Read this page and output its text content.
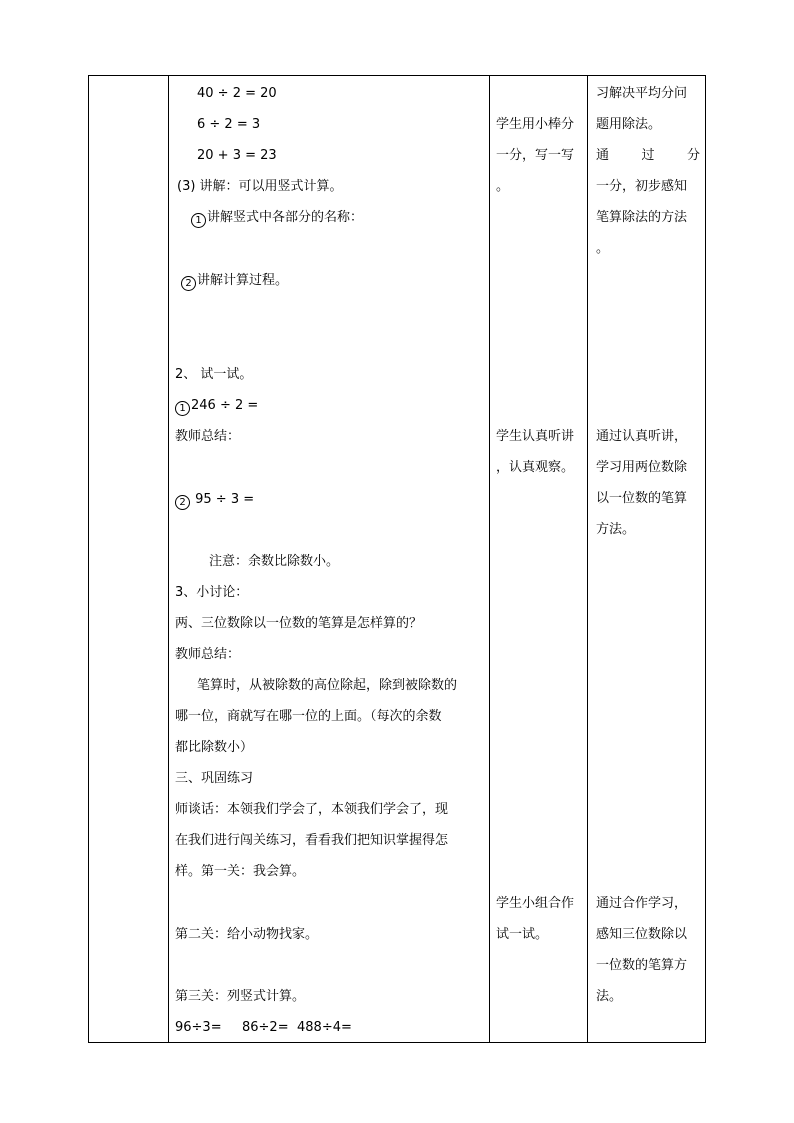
40 ÷ 2 = 20
6 ÷ 2 = 3
20 + 3 = 23
(3) 讲解：可以用竖式计算。
1 讲解竖式中各部分的名称：
2 讲解计算过程。
2、 试一试。
1 246 ÷ 2 =
教师总结：
2 95 ÷ 3 =
注意：余数比除数小。
3、小讨论：
两、三位数除以一位数的笔算是怎样算的？
教师总结：
笔算时，从被除数的高位除起，除到被除数的
哪一位，商就写在哪一位的上面。（每次的余数
都比除数小）
三、巩固练习
师谈话：本领我们学会了，本领我们学会了，现
在我们进行闯关练习，看看我们把知识掌握得怎
样。第一关：我会算。
第二关：给小动物找家。
第三关：列竖式计算。
96÷3= 86÷2= 488÷4=
学生用小棒分
一分，写一写
。
学生认真听讲
，认真观察。
学生小组合作
试一试。
习解决平均分问
题用除法。
通 过 分
一分，初步感知
笔算除法的方法
。
通过认真听讲，
学习用两位数除
以一位数的笔算
方法。
通过合作学习，
感知三位数除以
一位数的笔算方
法。
